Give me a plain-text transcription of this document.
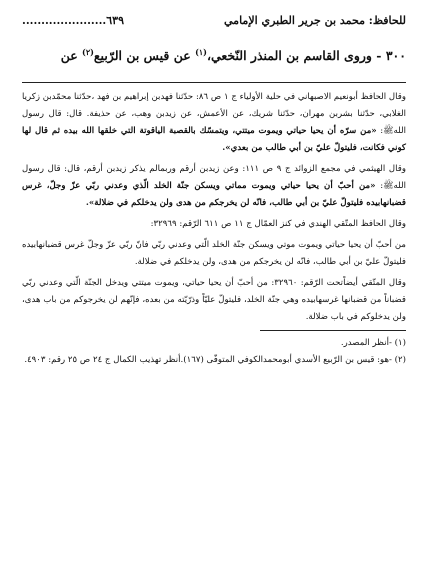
للحافظ: محمد بن جرير الطبري الإمامي
......................٦٣٩
٣٠٠ - وروى القاسم بن المنذر النّخعي،$^{(١)}$ عن قيس بن الرّبيع$^{(٢)}$ عن

وقال الحافظ أبونعيم الاصبهاني في حلية الأولياء ج ١ ص ٨٦: حدّثنا فهدبن إبراهيم بن فهد ،حدّثنا محمّدبن زكريا الغلابي، حدّثنا بشربن مهران، حدّثنا شريك، عن الأعمش، عن زيدبن وهب، عن حذيفة. قال: قال رسول اللهﷺ: «من سرّه أن يحيا حياتي ويموت ميتتي، ويتمسّك بالقصبة الياقوتة التي خلقها الله بيده ثم قال لها كوني فكانت، فليتولّ عليّ بن أبي طالب من بعدي».

وقال الهيثمي في مجمع الزوائد ج ٩ ص ١١١: وعن زيدبن أرقم وربمالم يذكر زيدبن أرقم، قال: قال رسول اللهﷺ: «من أحبّ أن يحيا حياتي ويموت مماتي ويسكن جنّة الخلد الّذي وعدني ربّي عزّ وجلّ، غرس قضبانهابيده فليتولّ عليّ بن أبي طالب، فانّه لن يخرجكم من هدى ولن يدخلكم في ضلالة».

وقال الحافظ المتّقي الهندي في كنز العمّال ج ١١ ص ٦١١ الرّقم: ٣٢٩٦٩:

من أحبّ أن يحيا حياتي ويموت موتي ويسكن جنّة الخلد الّتي وعدني ربّي فانّ ربّي عزّ وجلّ غرس قضبانهابيده فليتولّ عليّ بن أبي طالب، فانّه لن يخرجكم من هدى، ولن يدخلكم في ضلالة.

وقال المتّقي أيضاًتحت الرّقم: ٣٢٩٦٠: من أحبّ أن يحيا حياتي، ويموت ميتتي ويدخل الجنّة الّتي وعدني ربّي قضباناً من قضبانها غرسهابيده وهي جنّة الخلد، فليتولّ عليّاً وذرّيّته من بعده، فإنّهم لن يخرجوكم من باب هدى، ولن يدخلوكم في باب ضلالة.

(١) -أنظر المصدر.

(٢) -هو: قيس بن الرّبيع الأسدي أبومحمدالكوفي المتوفّى (١٦٧).أنظر تهذيب الكمال ج ٢٤ ص ٢٥ رقم: ٤٩٠٣.
